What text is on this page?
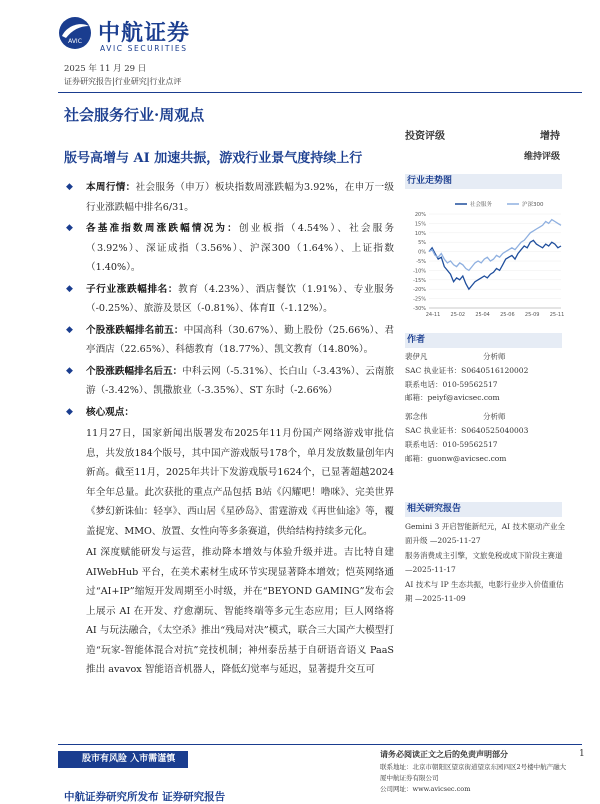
AVIC 中航证券
AVIC SECURITIES
2025 年 11 月 29 日
证券研究报告|行业研究|行业点评
社会服务行业·周观点
版号高增与 AI 加速共振，游戏行业景气度持续上行
投资评级	增持
维持评级
◆ 本周行情：社会服务（申万）板块指数周涨跌幅为3.92%，在申万一级行业涨跌幅中排名6/31。
◆ 各基准指数周涨跌幅情况为：创业板指（4.54%）、社会服务（3.92%）、深证成指（3.56%）、沪深300（1.64%）、上证指数（1.40%）。
◆ 子行业涨跌幅排名：教育（4.23%）、酒店餐饮（1.91%）、专业服务（-0.25%）、旅游及景区（-0.81%）、体育Ⅱ（-1.12%）。
◆ 个股涨跌幅排名前五：中国高科（30.67%）、勤上股份（25.66%）、君亭酒店（22.65%）、科德教育（18.77%）、凯文教育（14.80%）。
◆ 个股涨跌幅排名后五：中科云网（-5.31%）、长白山（-3.43%）、云南旅游（-3.42%）、凯撒旅业（-3.35%）、ST 东时（-2.66%）
◆ 核心观点：
11月27日，国家新闻出版署发布2025年11月份国产网络游戏审批信息，共发放184个版号，其中国产游戏版号178个，单月发放数量创年内新高。截至11月，2025年共计下发游戏版号1624个，已显著超越2024年全年总量。此次获批的重点产品包括 B站《闪耀吧！噜咪》、完美世界《梦幻新诛仙：轻享》、西山居《星砂岛》、雷霆游戏《再世仙途》等，覆盖捉宠、MMO、放置、女性向等多条赛道，供给结构持续多元化。
AI 深度赋能研发与运营，推动降本增效与体验升级并进。吉比特自建 AIWebHub 平台，在美术素材生成环节实现显著降本增效；恺英网络通过“AI+IP”缩短开发周期至小时级，并在“BEYOND GAMING”发布会上展示 AI 在开发、疗愈潮玩、智能终端等多元生态应用；巨人网络将 AI 与玩法融合，《太空杀》推出“残局对决”模式，联合三大国产大模型打造“玩家-智能体混合对抗”竞技机制；神州泰岳基于自研语音语义 PaaS 推出 avavox 智能语音机器人，降低幻觉率与延迟，显著提升交互可
行业走势图
20%
15%
10%
5%
0%
-5%
-10%
-15%
-20%
-25%
-30%
24-11 25-02 25-04 25-06 25-09 25-11
社会服务	沪深300
作者
裴伊凡	分析师
SAC 执业证书：S0640516120002
联系电话：010-59562517
邮箱：peiyf@avicsec.com
郭念伟	分析师
SAC 执业证书：S0640525040003
联系电话：010-59562517
邮箱：guonw@avicsec.com
相关研究报告
Gemini 3 开启智能新纪元，AI 技术驱动产业全面升级 —2025-11-27
服务消费成主引擎，文旅免税或成下阶段主赛道 —2025-11-17
AI 技术与 IP 生态共振，电影行业步入价值重估期 —2025-11-09
股市有风险 入市需谨慎	请务必阅读正文之后的免责声明部分	1
联系地址：北京市朝阳区望京街道望京东园四区2号楼中航产融大厦中航证券有限公司
公司网址：www.avicsec.com
中航证券研究所发布 证券研究报告
